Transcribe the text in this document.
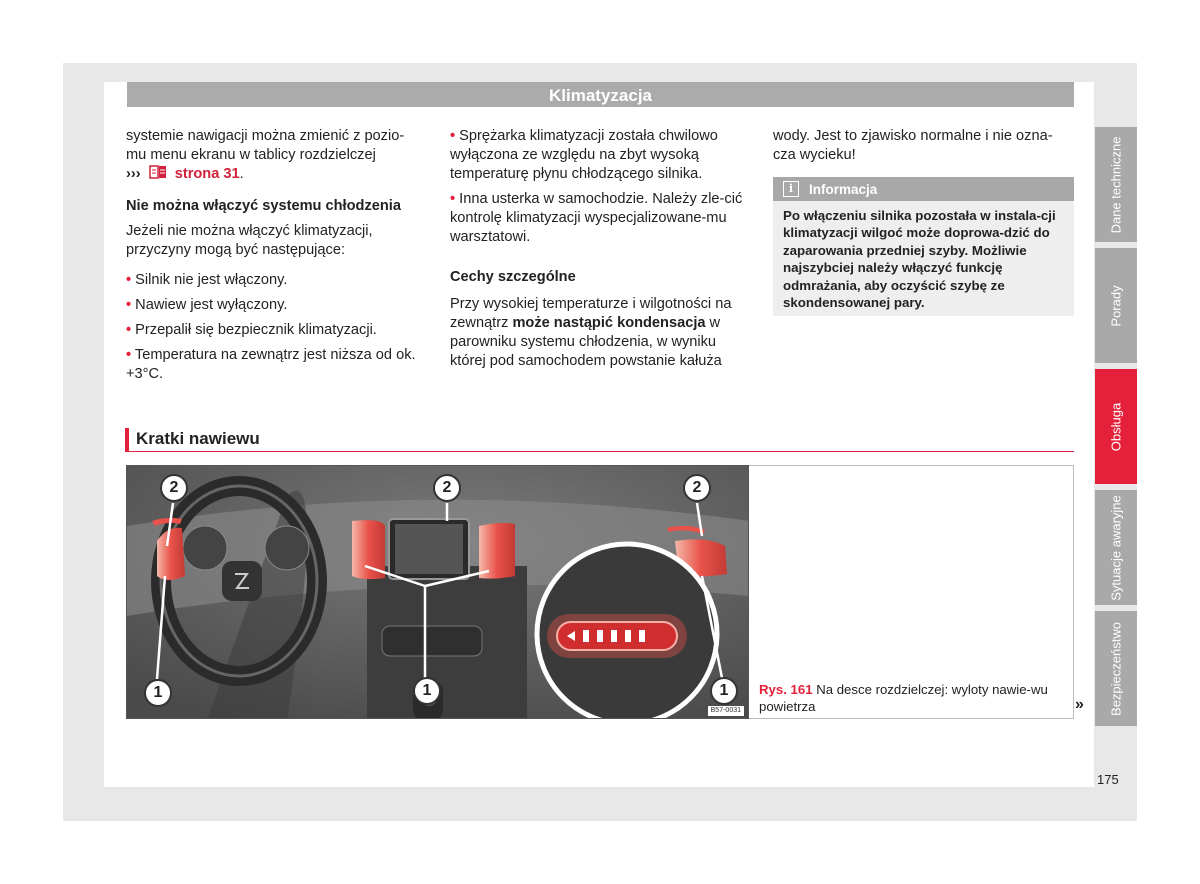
Klimatyzacja

systemie nawigacji można zmienić z pozio-

mu menu ekranu w tablicy rozdzielczej

››› strona 31.

Nie można włączyć systemu chłodzenia

Jeżeli nie można włączyć klimatyzacji, przyczyny mogą być następujące:

• Silnik nie jest włączony.

• Nawiew jest wyłączony.

• Przepalił się bezpiecznik klimatyzacji.

• Temperatura na zewnątrz jest niższa od ok. +3°C.

• Sprężarka klimatyzacji została chwilowo wyłączona ze względu na zbyt wysoką temperaturę płynu chłodzącego silnika.

• Inna usterka w samochodzie. Należy zle-cić kontrolę klimatyzacji wyspecjalizowane-mu warsztatowi.

Cechy szczególne

Przy wysokiej temperaturze i wilgotności na zewnątrz może nastąpić kondensacja w parowniku systemu chłodzenia, w wyniku której pod samochodem powstanie kałuża

wody. Jest to zjawisko normalne i nie ozna-cza wycieku!

i	Informacja
Po włączeniu silnika pozostała w instala-cji klimatyzacji wilgoć może doprowa-dzić do zaparowania przedniej szyby. Możliwie najszybciej należy włączyć funkcję odmrażania, aby oczyścić szybę ze skondensowanej pary.
Kratki nawiewu
2	2	2
1	1	1
B57-0031
Rys. 161 Na desce rozdzielczej: wyloty nawie-wu powietrza	»
Dane techniczne
Porady
Obsługa
Sytuacje awaryjne
Bezpieczeństwo
175
